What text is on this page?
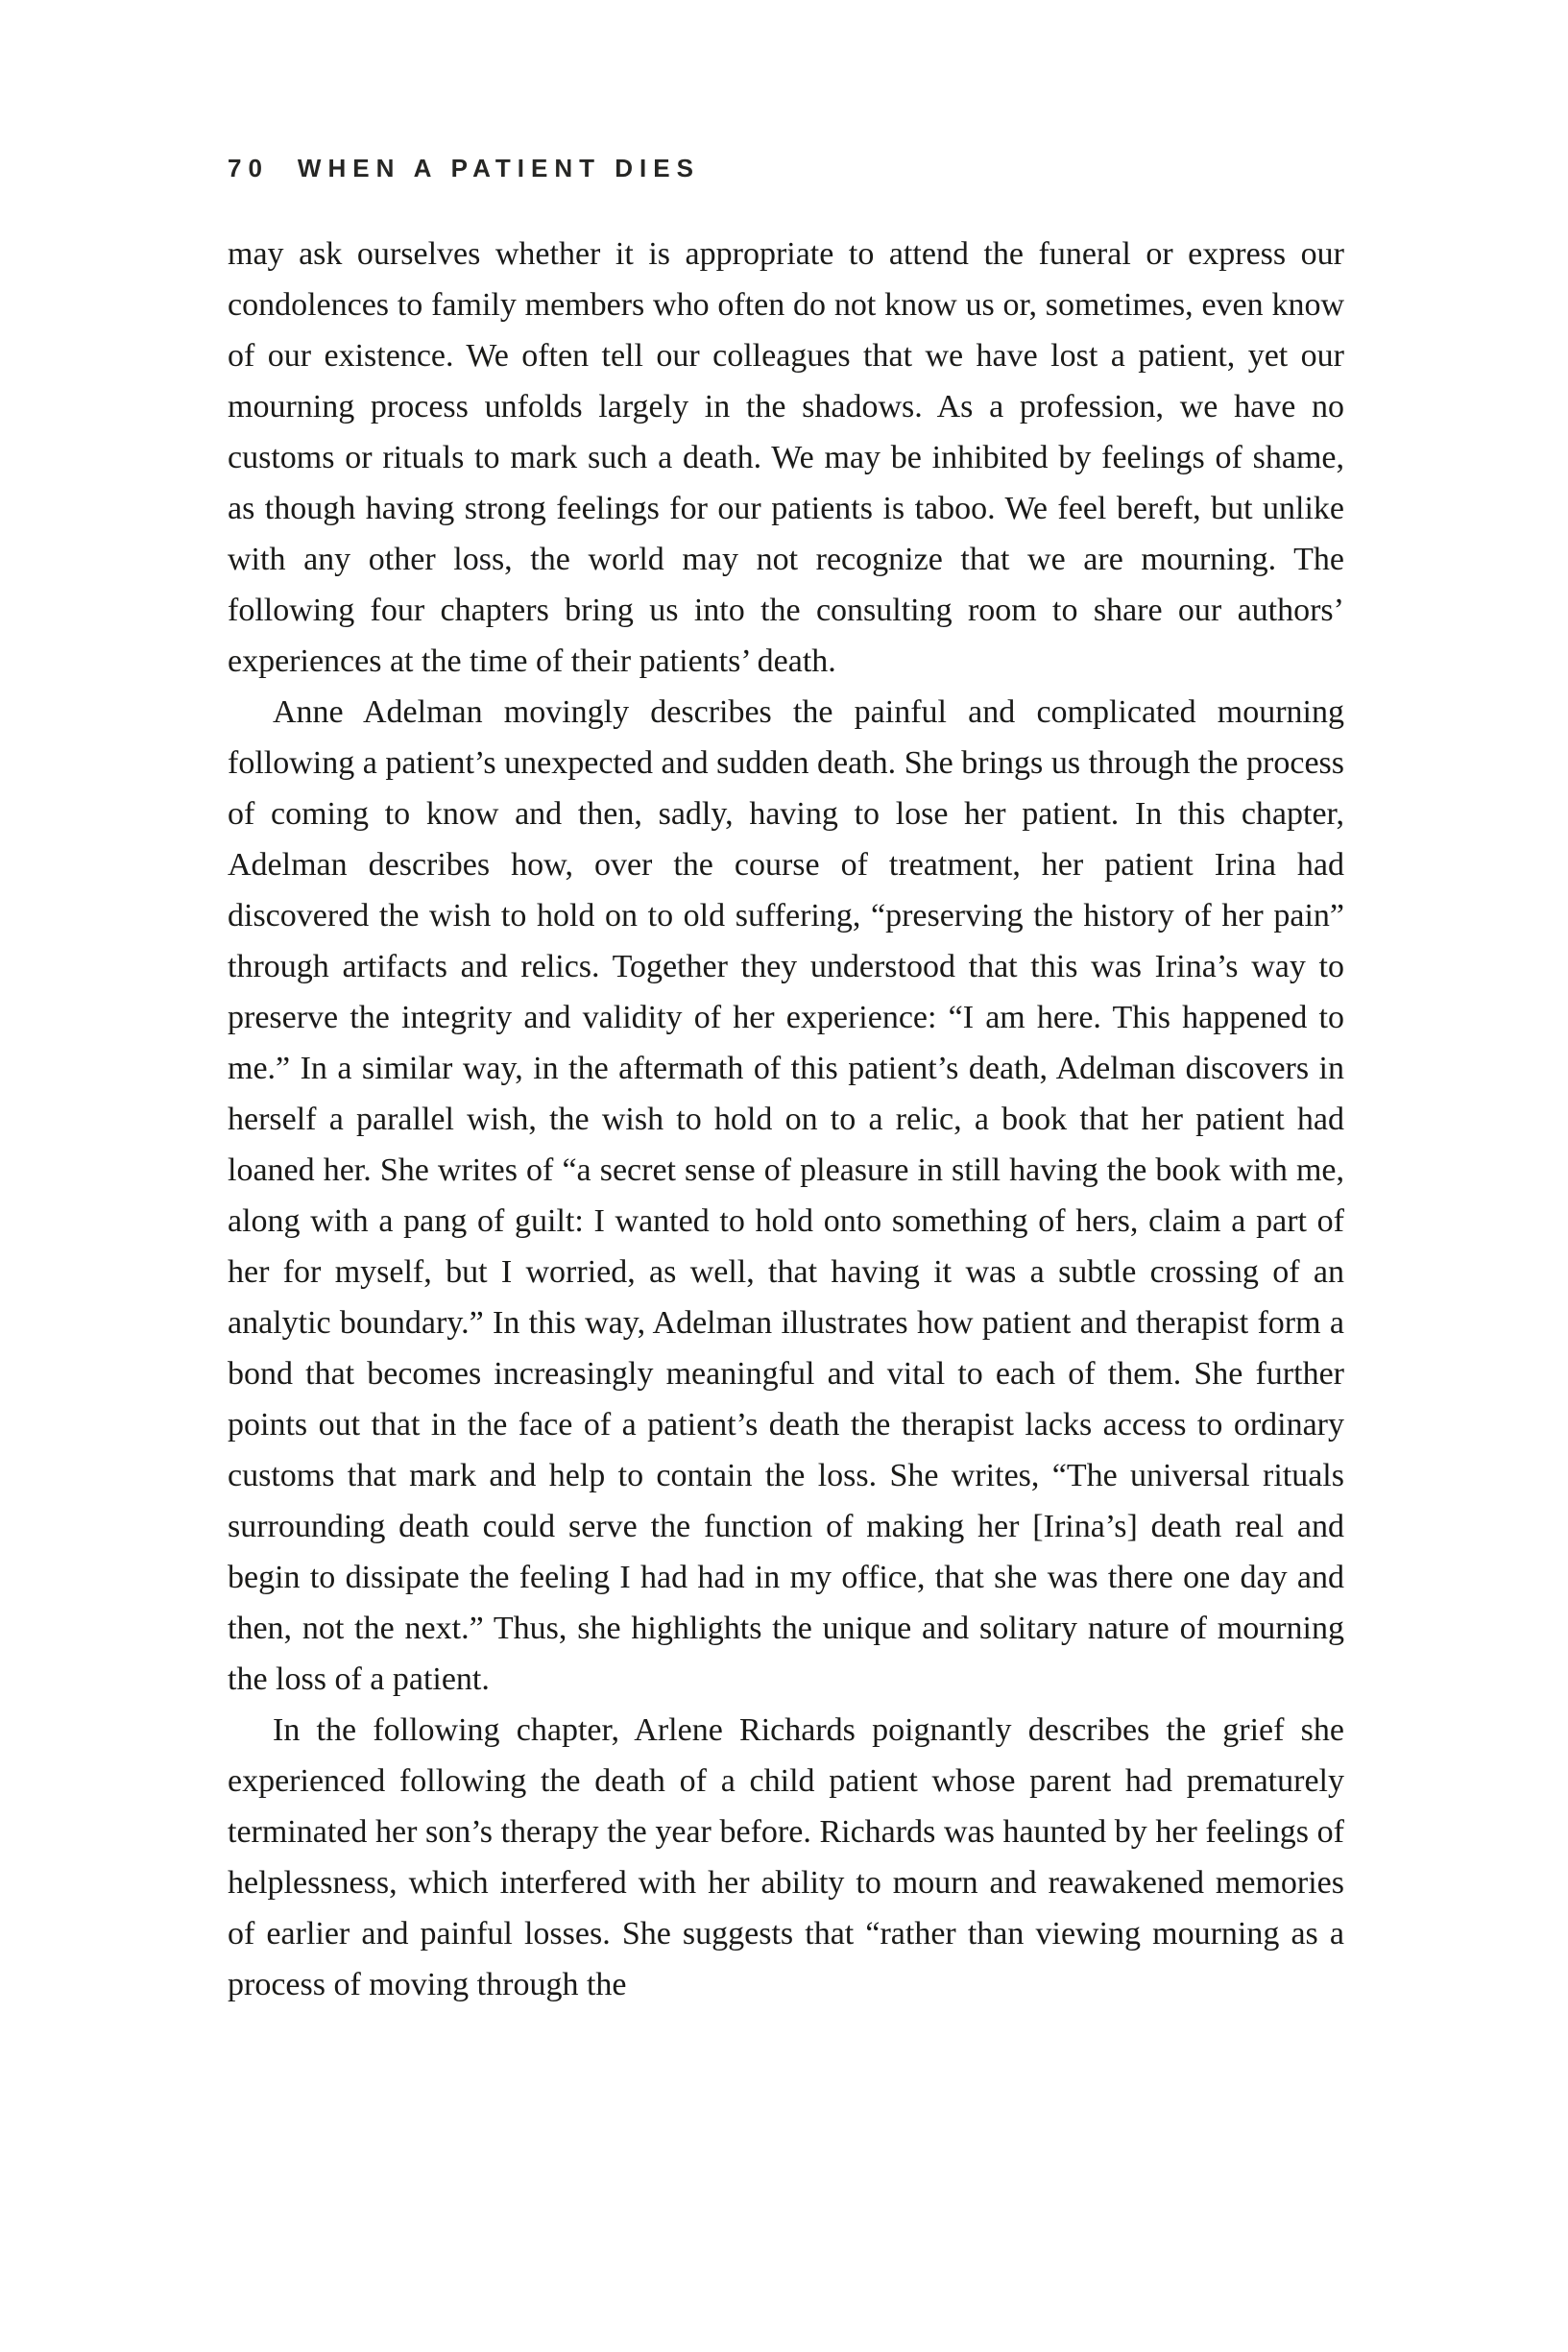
70 WHEN A PATIENT DIES

may ask ourselves whether it is appropriate to attend the funeral or express our condolences to family members who often do not know us or, sometimes, even know of our existence. We often tell our colleagues that we have lost a patient, yet our mourning process unfolds largely in the shadows. As a profession, we have no customs or rituals to mark such a death. We may be inhibited by feelings of shame, as though having strong feelings for our patients is taboo. We feel bereft, but unlike with any other loss, the world may not recognize that we are mourning. The following four chapters bring us into the consulting room to share our authors’ experiences at the time of their patients’ death.

Anne Adelman movingly describes the painful and complicated mourning following a patient’s unexpected and sudden death. She brings us through the process of coming to know and then, sadly, having to lose her patient. In this chapter, Adelman describes how, over the course of treatment, her patient Irina had discovered the wish to hold on to old suffering, “preserving the history of her pain” through artifacts and relics. Together they understood that this was Irina’s way to preserve the integrity and validity of her experience: “I am here. This happened to me.” In a similar way, in the aftermath of this patient’s death, Adelman discovers in herself a parallel wish, the wish to hold on to a relic, a book that her patient had loaned her. She writes of “a secret sense of pleasure in still having the book with me, along with a pang of guilt: I wanted to hold onto something of hers, claim a part of her for myself, but I worried, as well, that having it was a subtle crossing of an analytic boundary.” In this way, Adelman illustrates how patient and therapist form a bond that becomes increasingly meaningful and vital to each of them. She further points out that in the face of a patient’s death the therapist lacks access to ordinary customs that mark and help to contain the loss. She writes, “The universal rituals surrounding death could serve the function of making her [Irina’s] death real and begin to dissipate the feeling I had had in my office, that she was there one day and then, not the next.” Thus, she highlights the unique and solitary nature of mourning the loss of a patient.

In the following chapter, Arlene Richards poignantly describes the grief she experienced following the death of a child patient whose parent had prematurely terminated her son’s therapy the year before. Richards was haunted by her feelings of helplessness, which interfered with her ability to mourn and reawakened memories of earlier and painful losses. She suggests that “rather than viewing mourning as a process of moving through the
